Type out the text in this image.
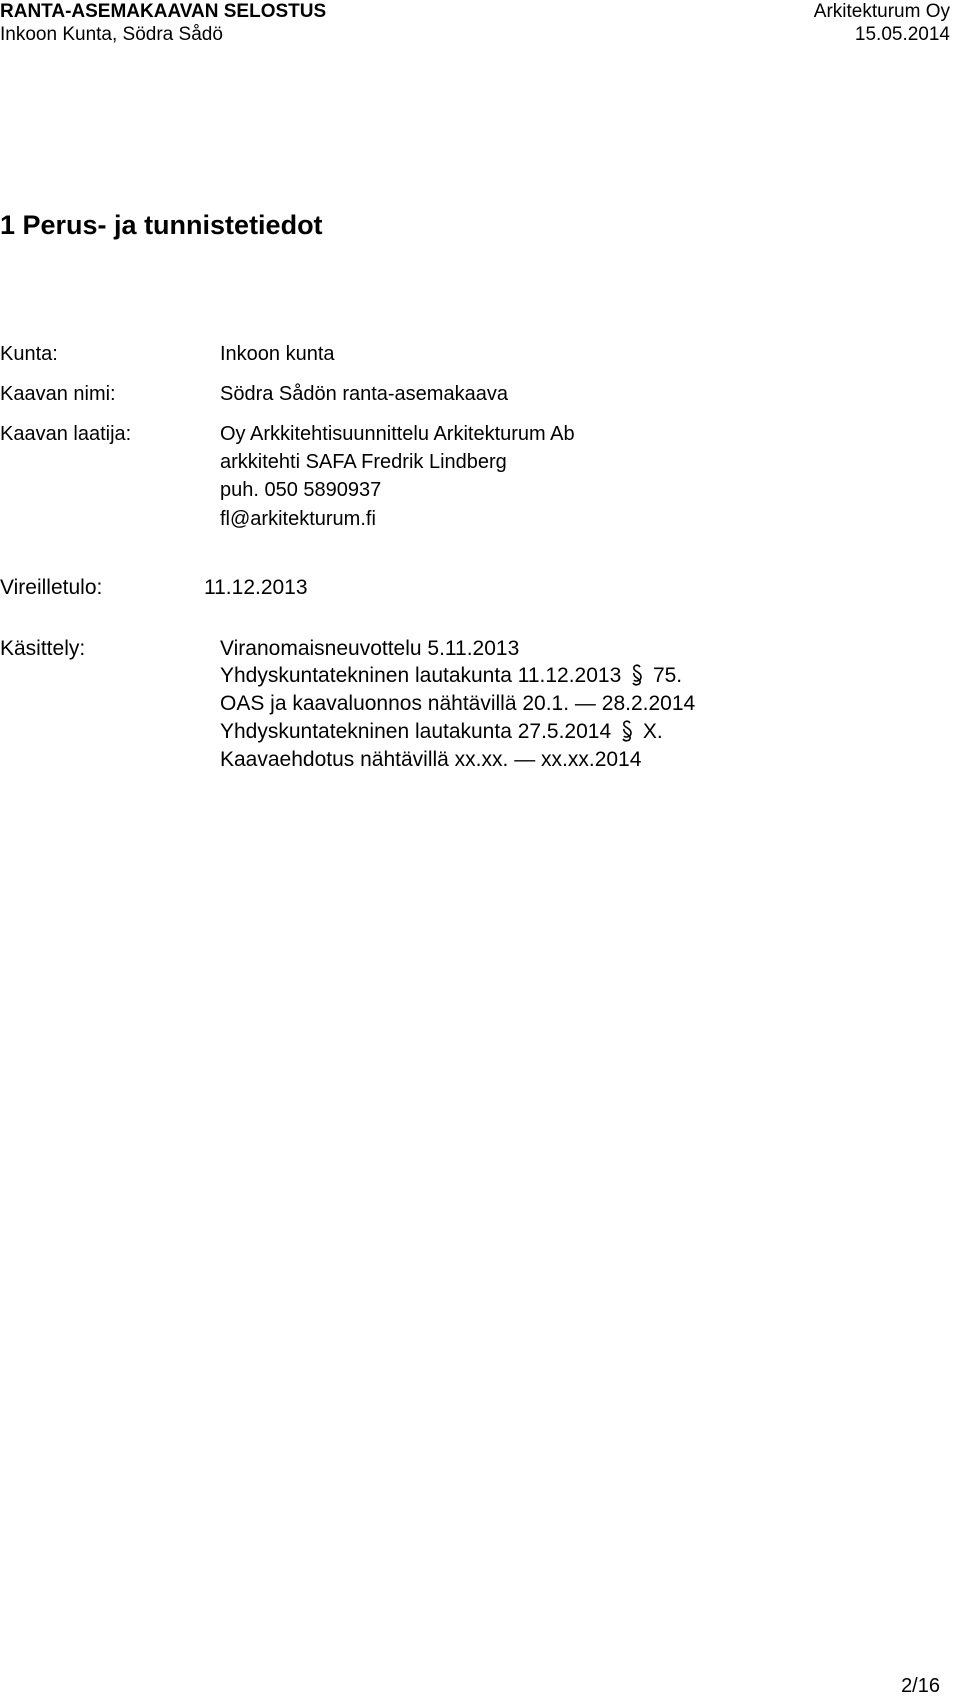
RANTA-ASEMAKAAVAN SELOSTUS	Arkitekturum Oy
Inkoon Kunta, Södra Sådö	15.05.2014
1 Perus- ja tunnistetiedot
Kunta:	Inkoon kunta
Kaavan nimi:	Södra Sådön ranta-asemakaava
Kaavan laatija:	Oy Arkkitehtisuunnittelu Arkitekturum Ab
arkkitehti SAFA Fredrik Lindberg
puh. 050 5890937
fl@arkitekturum.fi
Vireilletulo:	11.12.2013
Käsittely:	Viranomaisneuvottelu 5.11.2013
Yhdyskuntatekninen lautakunta 11.12.2013 75.
OAS ja kaavaluonnos nähtävillä 20.1. — 28.2.2014
Yhdyskuntatekninen lautakunta 27.5.2014 X.
Kaavaehdotus nähtävillä xx.xx. — xx.xx.2014
2/16
